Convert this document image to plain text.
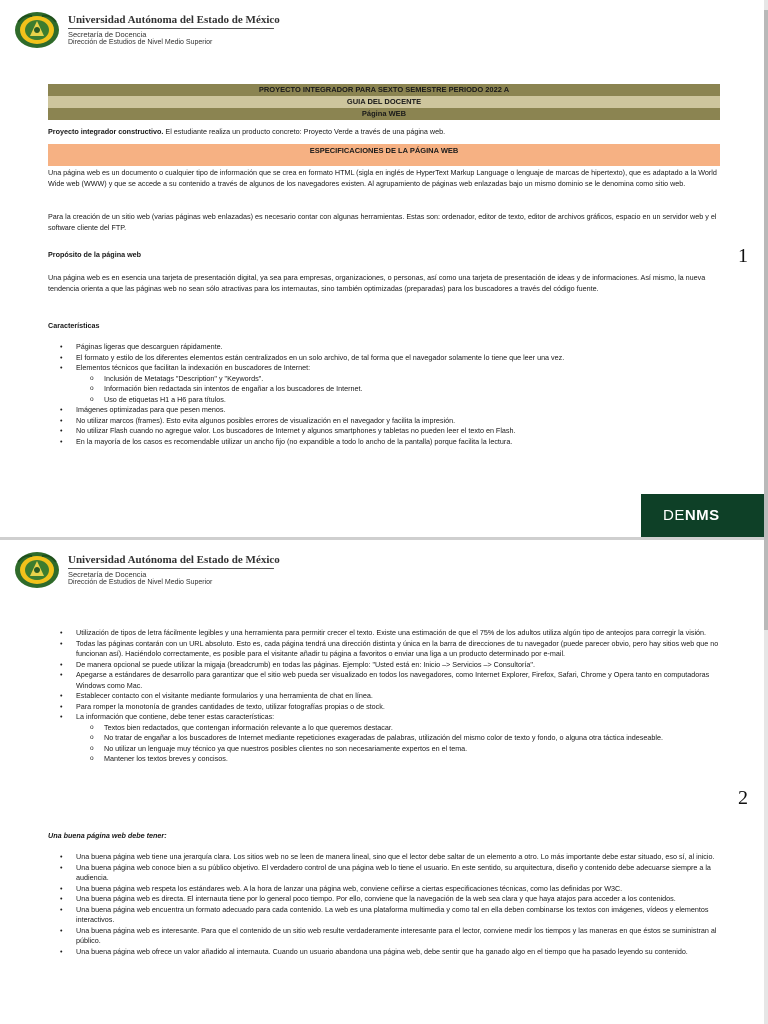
Universidad Autónoma del Estado de México
Secretaría de Docencia
Dirección de Estudios de Nivel Medio Superior
PROYECTO INTEGRADOR PARA SEXTO SEMESTRE PERIODO 2022 A
GUIA DEL DOCENTE
Página WEB
Proyecto integrador constructivo. El estudiante realiza un producto concreto: Proyecto Verde a través de una página web.
ESPECIFICACIONES DE LA PÁGINA WEB
Una página web es un documento o cualquier tipo de información que se crea en formato HTML (sigla en inglés de HyperText Markup Language o lenguaje de marcas de hipertexto), que es adaptado a la World Wide web (WWW) y que se accede a su contenido a través de algunos de los navegadores existen. Al agrupamiento de páginas web enlazadas bajo un mismo dominio se le denomina como sitio web.
Para la creación de un sitio web (varias páginas web enlazadas) es necesario contar con algunas herramientas. Estas son: ordenador, editor de texto, editor de archivos gráficos, espacio en un servidor web y el software cliente del FTP.
Propósito de la página web
Una página web es en esencia una tarjeta de presentación digital, ya sea para empresas, organizaciones, o personas, así como una tarjeta de presentación de ideas y de informaciones. Así mismo, la nueva tendencia orienta a que las páginas web no sean sólo atractivas para los internautas, sino también optimizadas (preparadas) para los buscadores a través del código fuente.
Características
• Páginas ligeras que descarguen rápidamente.
• El formato y estilo de los diferentes elementos están centralizados en un solo archivo, de tal forma que el navegador solamente lo tiene que leer una vez.
• Elementos técnicos que facilitan la indexación en buscadores de Internet:
o Inclusión de Metatags "Description" y "Keywords".
o Información bien redactada sin intentos de engañar a los buscadores de Internet.
o Uso de etiquetas H1 a H6 para títulos.
• Imágenes optimizadas para que pesen menos.
• No utilizar marcos (frames). Esto evita algunos posibles errores de visualización en el navegador y facilita la impresión.
• No utilizar Flash cuando no agregue valor. Los buscadores de Internet y algunos smartphones y tabletas no pueden leer el texto en Flash.
• En la mayoría de los casos es recomendable utilizar un ancho fijo (no expandible a todo lo ancho de la pantalla) porque facilita la lectura.
1
DENMS
Universidad Autónoma del Estado de México
Secretaría de Docencia
Dirección de Estudios de Nivel Medio Superior
• Utilización de tipos de letra fácilmente legibles y una herramienta para permitir crecer el texto. Existe una estimación de que el 75% de los adultos utiliza algún tipo de anteojos para corregir la visión.
• Todas las páginas contarán con un URL absoluto. Esto es, cada página tendrá una dirección distinta y única en la barra de direcciones de tu navegador (puede parecer obvio, pero hay sitios web que no funcionan así). Haciéndolo correctamente, es posible para el visitante añadir tu página a favoritos o enviar una liga a un producto determinado por e-mail.
• De manera opcional se puede utilizar la migaja (breadcrumb) en todas las páginas. Ejemplo: "Usted está en: Inicio –> Servicios –> Consultoría".
• Apegarse a estándares de desarrollo para garantizar que el sitio web pueda ser visualizado en todos los navegadores, como Internet Explorer, Firefox, Safari, Chrome y Opera tanto en computadoras Windows como Mac.
• Establecer contacto con el visitante mediante formularios y una herramienta de chat en línea.
• Para romper la monotonía de grandes cantidades de texto, utilizar fotografías propias o de stock.
• La información que contiene, debe tener estas características:
o Textos bien redactados, que contengan información relevante a lo que queremos destacar.
o No tratar de engañar a los buscadores de Internet mediante repeticiones exageradas de palabras, utilización del mismo color de texto y fondo, o alguna otra táctica indeseable.
o No utilizar un lenguaje muy técnico ya que nuestros posibles clientes no son necesariamente expertos en el tema.
o Mantener los textos breves y concisos.
2
Una buena página web debe tener:
• Una buena página web tiene una jerarquía clara. Los sitios web no se leen de manera lineal, sino que el lector debe saltar de un elemento a otro. Lo más importante debe estar situado, eso sí, al inicio.
• Una buena página web conoce bien a su público objetivo. El verdadero control de una página web lo tiene el usuario. En este sentido, su arquitectura, diseño y contenido debe adecuarse siempre a la audiencia.
• Una buena página web respeta los estándares web. A la hora de lanzar una página web, conviene ceñirse a ciertas especificaciones técnicas, como las definidas por W3C.
• Una buena página web es directa. El internauta tiene por lo general poco tiempo. Por ello, conviene que la navegación de la web sea clara y que haya atajos para acceder a los contenidos.
• Una buena página web encuentra un formato adecuado para cada contenido. La web es una plataforma multimedia y como tal en ella deben combinarse los textos con imágenes, vídeos y elementos interactivos.
• Una buena página web es interesante. Para que el contenido de un sitio web resulte verdaderamente interesante para el lector, conviene medir los tiempos y las maneras en que éstos se suministran al público.
• Una buena página web ofrece un valor añadido al internauta. Cuando un usuario abandona una página web, debe sentir que ha ganado algo en el tiempo que ha pasado leyendo su contenido.
